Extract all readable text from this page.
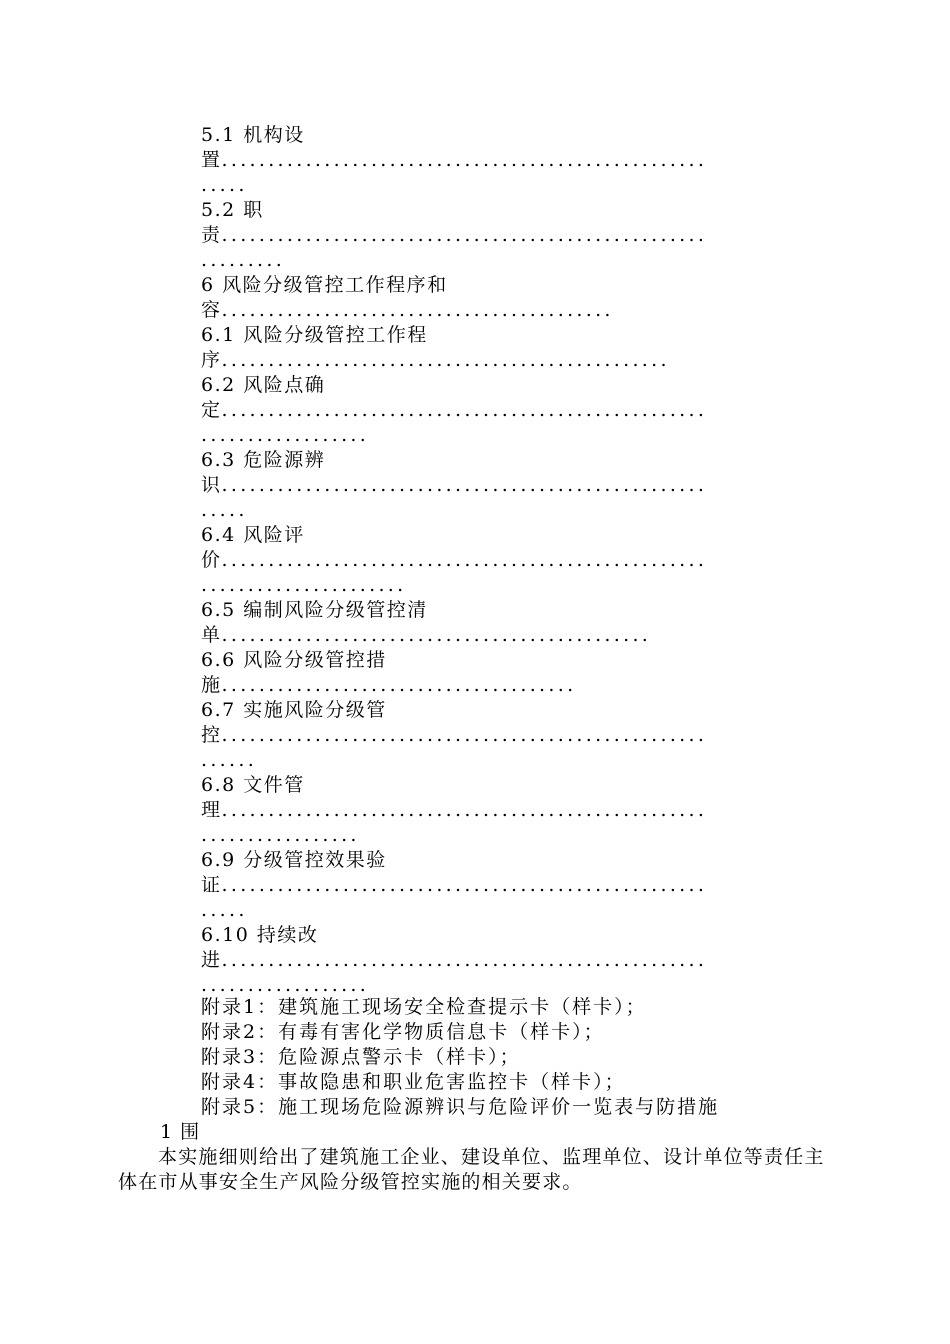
5.1 机构设
置....................................................
.....
5.2 职
责....................................................
.........
6 风险分级管控工作程序和
容..........................................
6.1 风险分级管控工作程
序................................................
6.2 风险点确
定....................................................
..................
6.3 危险源辨
识....................................................
.....
6.4 风险评
价....................................................
......................
6.5 编制风险分级管控清
单..............................................
6.6 风险分级管控措
施......................................
6.7 实施风险分级管
控....................................................
......
6.8 文件管
理....................................................
.................
6.9 分级管控效果验
证....................................................
.....
6.10 持续改
进....................................................
..................
附录1：建筑施工现场安全检查提示卡（样卡）；
附录2：有毒有害化学物质信息卡（样卡）；
附录3：危险源点警示卡（样卡）；
附录4：事故隐患和职业危害监控卡（样卡）；
附录5：施工现场危险源辨识与危险评价一览表与防措施
1 围
本实施细则给出了建筑施工企业、建设单位、监理单位、设计单位等责任主体在市从事安全生产风险分级管控实施的相关要求。
